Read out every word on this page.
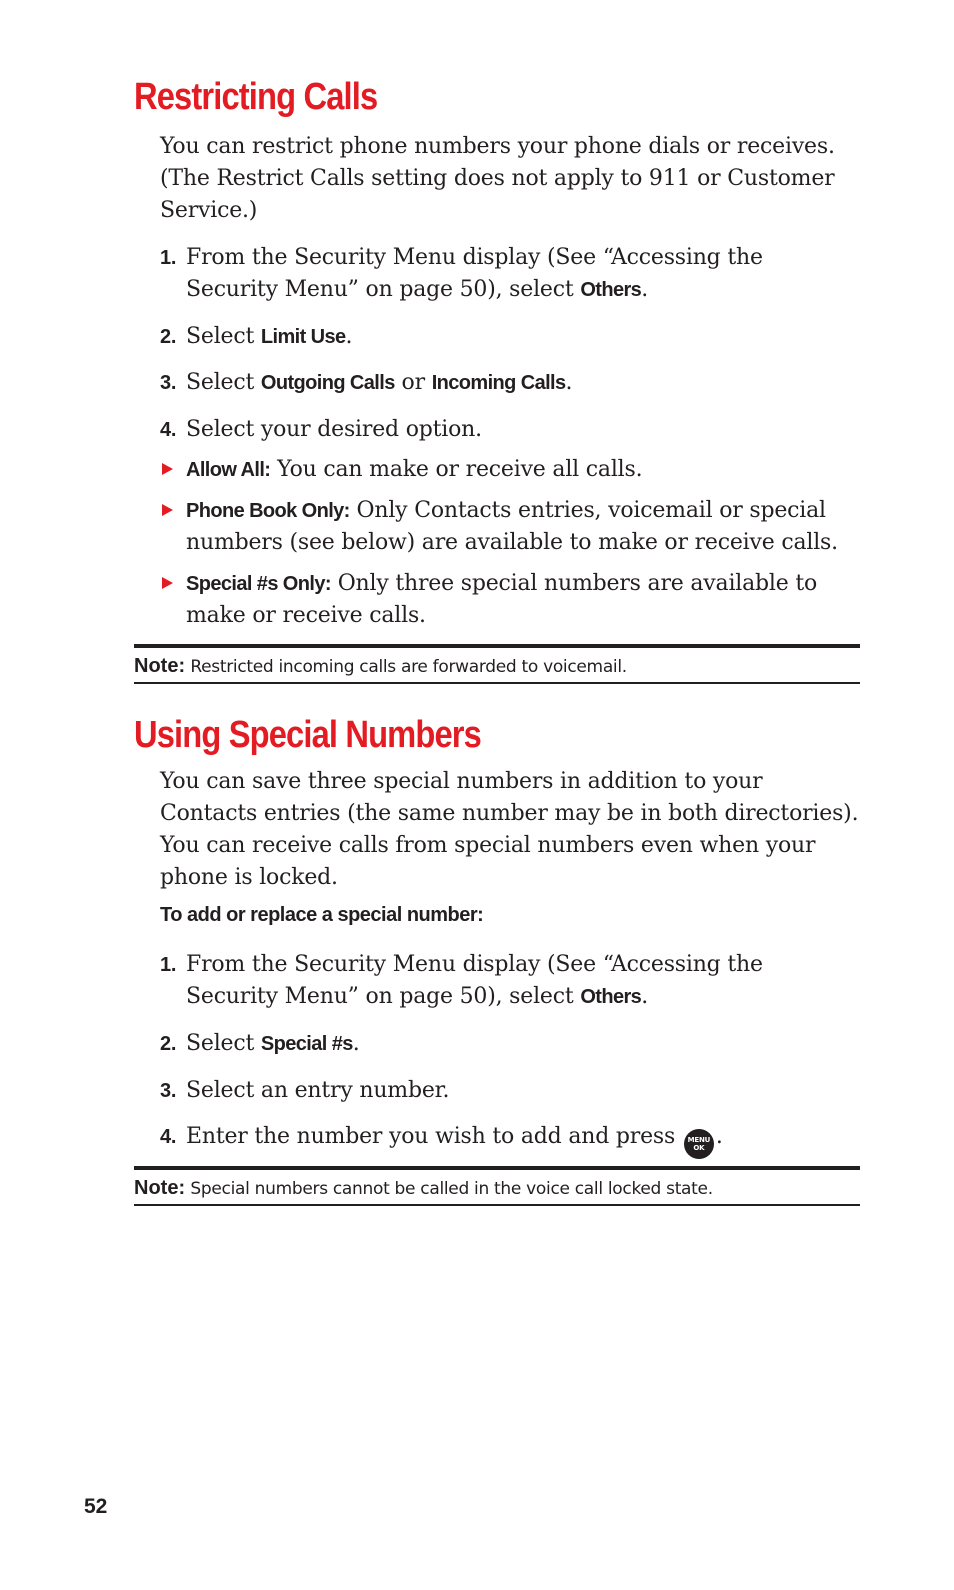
Restricting Calls

You can restrict phone numbers your phone dials or receives. (The Restrict Calls setting does not apply to 911 or Customer Service.)

1. From the Security Menu display (See “Accessing the Security Menu” on page 50), select Others.
2. Select Limit Use.
3. Select Outgoing Calls or Incoming Calls.
4. Select your desired option.
Allow All: You can make or receive all calls.
Phone Book Only: Only Contacts entries, voicemail or special numbers (see below) are available to make or receive calls.
Special #s Only: Only three special numbers are available to make or receive calls.
Note: Restricted incoming calls are forwarded to voicemail.
Using Special Numbers

You can save three special numbers in addition to your Contacts entries (the same number may be in both directories). You can receive calls from special numbers even when your phone is locked.

To add or replace a special number:
1. From the Security Menu display (See “Accessing the Security Menu” on page 50), select Others.
2. Select Special #s.
3. Select an entry number.
4. Enter the number you wish to add and press MENU
OK .
Note: Special numbers cannot be called in the voice call locked state.
52
